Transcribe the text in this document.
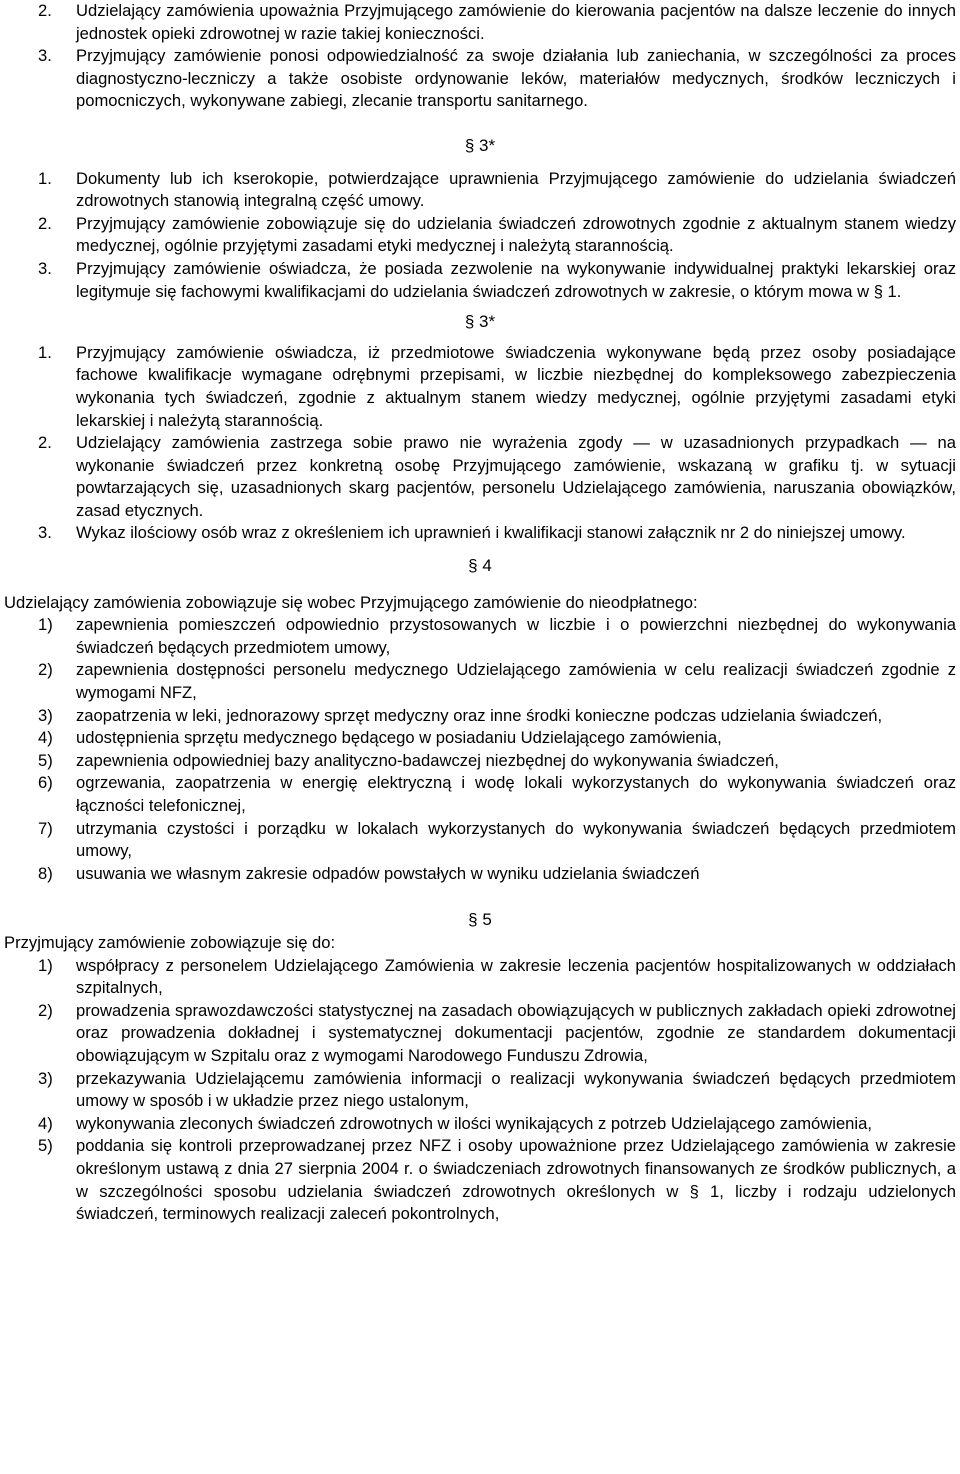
2.	Udzielający zamówienia upoważnia Przyjmującego zamówienie do kierowania pacjentów na dalsze leczenie do innych jednostek opieki zdrowotnej w razie takiej konieczności.
3.	Przyjmujący zamówienie ponosi odpowiedzialność za swoje działania lub zaniechania, w szczególności za proces diagnostyczno-leczniczy a także osobiste ordynowanie leków, materiałów medycznych, środków leczniczych i pomocniczych, wykonywane zabiegi, zlecanie transportu sanitarnego.

§ 3*

1.	Dokumenty lub ich kserokopie, potwierdzające uprawnienia Przyjmującego zamówienie do udzielania świadczeń zdrowotnych stanowią integralną część umowy.
2.	Przyjmujący zamówienie zobowiązuje się do udzielania świadczeń zdrowotnych zgodnie z aktualnym stanem wiedzy medycznej, ogólnie przyjętymi zasadami etyki medycznej i należytą starannością.
3.	Przyjmujący zamówienie oświadcza, że posiada zezwolenie na wykonywanie indywidualnej praktyki lekarskiej oraz legitymuje się fachowymi kwalifikacjami do udzielania świadczeń zdrowotnych w zakresie, o którym mowa w § 1.

§ 3*

1.	Przyjmujący zamówienie oświadcza, iż przedmiotowe świadczenia wykonywane będą przez osoby posiadające fachowe kwalifikacje wymagane odrębnymi przepisami, w liczbie niezbędnej do kompleksowego zabezpieczenia wykonania tych świadczeń, zgodnie z aktualnym stanem wiedzy medycznej, ogólnie przyjętymi zasadami etyki lekarskiej i należytą starannością.
2.	Udzielający zamówienia zastrzega sobie prawo nie wyrażenia zgody — w uzasadnionych przypadkach — na wykonanie świadczeń przez konkretną osobę Przyjmującego zamówienie, wskazaną w grafiku tj. w sytuacji powtarzających się, uzasadnionych skarg pacjentów, personelu Udzielającego zamówienia, naruszania obowiązków, zasad etycznych.
3.	Wykaz ilościowy osób wraz z określeniem ich uprawnień i kwalifikacji stanowi załącznik nr 2 do niniejszej umowy.

§ 4

Udzielający zamówienia zobowiązuje się wobec Przyjmującego zamówienie do nieodpłatnego:

1)	zapewnienia pomieszczeń odpowiednio przystosowanych w liczbie i o powierzchni niezbędnej do wykonywania świadczeń będących przedmiotem umowy,
2)	zapewnienia dostępności personelu medycznego Udzielającego zamówienia w celu realizacji świadczeń zgodnie z wymogami NFZ,
3)	zaopatrzenia w leki, jednorazowy sprzęt medyczny oraz inne środki konieczne podczas udzielania świadczeń,
4)	udostępnienia sprzętu medycznego będącego w posiadaniu Udzielającego zamówienia,
5)	zapewnienia odpowiedniej bazy analityczno-badawczej niezbędnej do wykonywania świadczeń,
6)	ogrzewania, zaopatrzenia w energię elektryczną i wodę lokali wykorzystanych do wykonywania świadczeń oraz łączności telefonicznej,
7)	utrzymania czystości i porządku w lokalach wykorzystanych do wykonywania świadczeń będących przedmiotem umowy,
8)	usuwania we własnym zakresie odpadów powstałych w wyniku udzielania świadczeń

§ 5

Przyjmujący zamówienie zobowiązuje się do:

1)	współpracy z personelem Udzielającego Zamówienia w zakresie leczenia pacjentów hospitalizowanych w oddziałach szpitalnych,
2)	prowadzenia sprawozdawczości statystycznej na zasadach obowiązujących w publicznych zakładach opieki zdrowotnej oraz prowadzenia dokładnej i systematycznej dokumentacji pacjentów, zgodnie ze standardem dokumentacji obowiązującym w Szpitalu oraz z wymogami Narodowego Funduszu Zdrowia,
3)	przekazywania Udzielającemu zamówienia informacji o realizacji wykonywania świadczeń będących przedmiotem umowy w sposób i w układzie przez niego ustalonym,
4)	wykonywania zleconych świadczeń zdrowotnych w ilości wynikających z potrzeb Udzielającego zamówienia,
5)	poddania się kontroli przeprowadzanej przez NFZ i osoby upoważnione przez Udzielającego zamówienia w zakresie określonym ustawą z dnia 27 sierpnia 2004 r. o świadczeniach zdrowotnych finansowanych ze środków publicznych, a w szczególności sposobu udzielania świadczeń zdrowotnych określonych w § 1, liczby i rodzaju udzielonych świadczeń, terminowych realizacji zaleceń pokontrolnych,
